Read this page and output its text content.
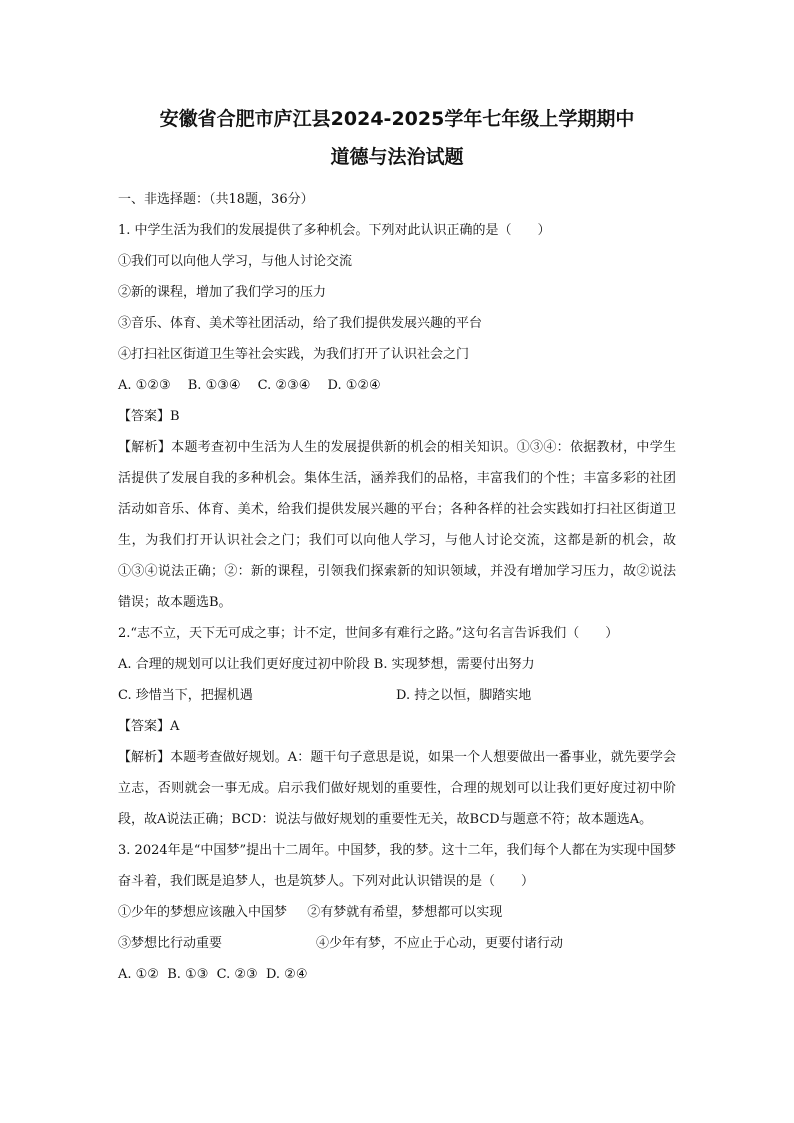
安徽省合肥市庐江县2024-2025学年七年级上学期期中
道德与法治试题

一、非选择题：（共18题，36分）

1. 中学生活为我们的发展提供了多种机会。下列对此认识正确的是（　　）

①我们可以向他人学习，与他人讨论交流

②新的课程，增加了我们学习的压力

③音乐、体育、美术等社团活动，给了我们提供发展兴趣的平台

④打扫社区街道卫生等社会实践，为我们打开了认识社会之门

A. ①②③　 B. ①③④　 C. ②③④　 D. ①②④

【答案】B

【解析】本题考查初中生活为人生的发展提供新的机会的相关知识。①③④：依据教材，中学生活提供了发展自我的多种机会。集体生活，涵养我们的品格，丰富我们的个性；丰富多彩的社团活动如音乐、体育、美术，给我们提供发展兴趣的平台；各种各样的社会实践如打扫社区街道卫生，为我们打开认识社会之门；我们可以向他人学习，与他人讨论交流，这都是新的机会，故①③④说法正确；②：新的课程，引领我们探索新的知识领域，并没有增加学习压力，故②说法错误；故本题选B。

2.“志不立，天下无可成之事；计不定，世间多有难行之路。”这句名言告诉我们（　　）

A. 合理的规划可以让我们更好度过初中阶段 B. 实现梦想，需要付出努力

C. 珍惜当下，把握机遇	D. 持之以恒，脚踏实地

【答案】A

【解析】本题考查做好规划。A：题干句子意思是说，如果一个人想要做出一番事业，就先要学会立志，否则就会一事无成。启示我们做好规划的重要性，合理的规划可以让我们更好度过初中阶段，故A说法正确；BCD：说法与做好规划的重要性无关，故BCD与题意不符；故本题选A。

3. 2024年是“中国梦”提出十二周年。中国梦，我的梦。这十二年，我们每个人都在为实现中国梦奋斗着，我们既是追梦人，也是筑梦人。下列对此认识错误的是（　　）

①少年的梦想应该融入中国梦 ②有梦就有希望，梦想都可以实现

③梦想比行动重要	④少年有梦，不应止于心动，更要付诸行动

A. ①②  B. ①③  C. ②③  D. ②④
